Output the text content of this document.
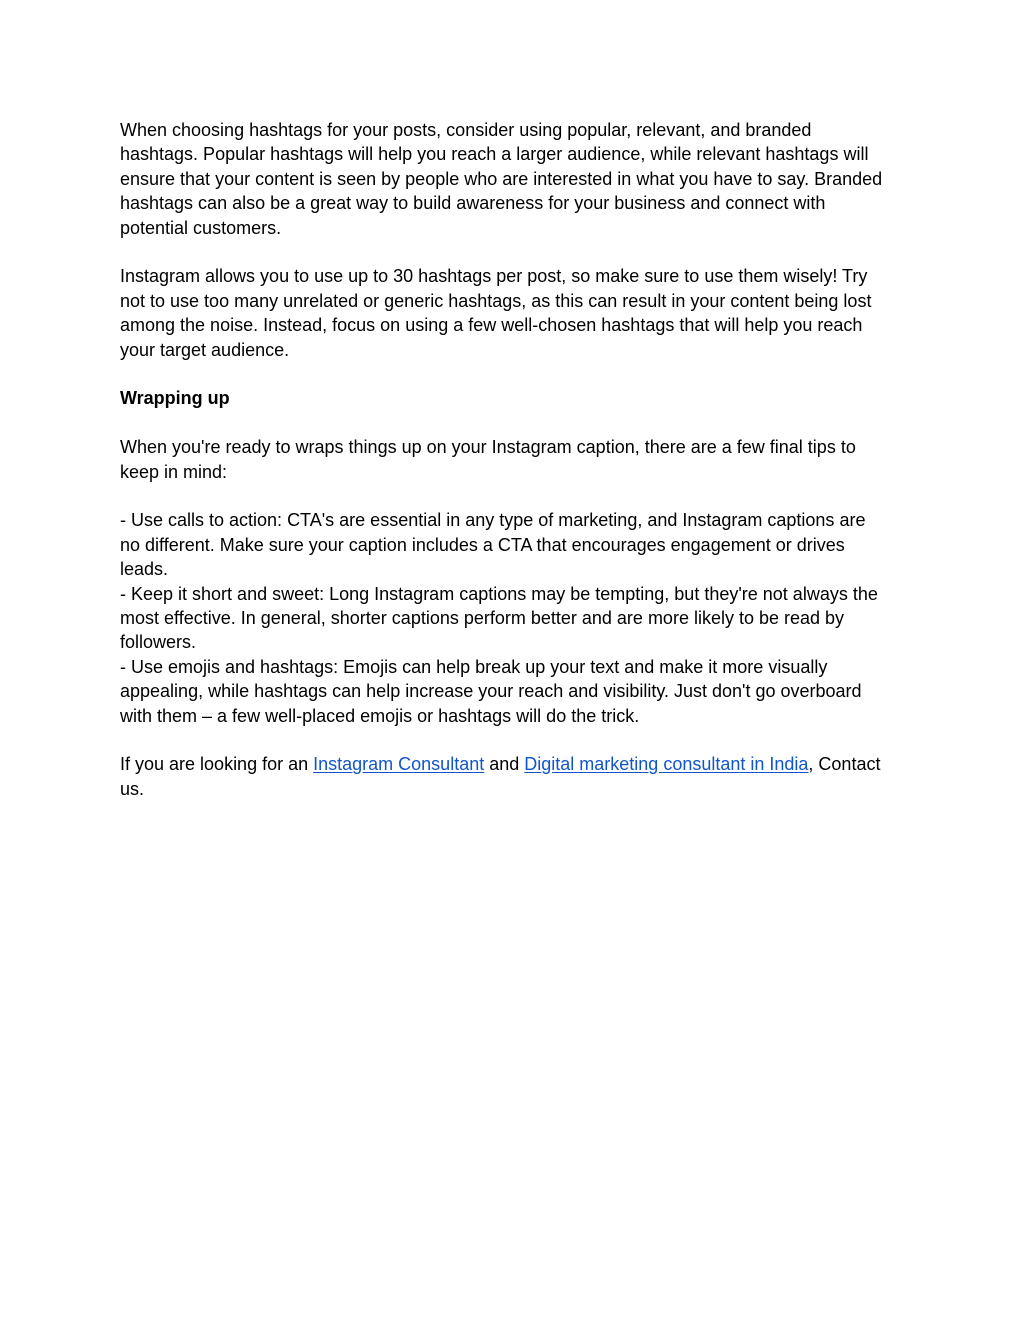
When choosing hashtags for your posts, consider using popular, relevant, and branded
hashtags. Popular hashtags will help you reach a larger audience, while relevant hashtags will
ensure that your content is seen by people who are interested in what you have to say. Branded
hashtags can also be a great way to build awareness for your business and connect with
potential customers.
Instagram allows you to use up to 30 hashtags per post, so make sure to use them wisely! Try
not to use too many unrelated or generic hashtags, as this can result in your content being lost
among the noise. Instead, focus on using a few well-chosen hashtags that will help you reach
your target audience.
Wrapping up
When you're ready to wraps things up on your Instagram caption, there are a few final tips to
keep in mind:
- Use calls to action: CTA's are essential in any type of marketing, and Instagram captions are
no different. Make sure your caption includes a CTA that encourages engagement or drives
leads.
- Keep it short and sweet: Long Instagram captions may be tempting, but they're not always the
most effective. In general, shorter captions perform better and are more likely to be read by
followers.
- Use emojis and hashtags: Emojis can help break up your text and make it more visually
appealing, while hashtags can help increase your reach and visibility. Just don't go overboard
with them – a few well-placed emojis or hashtags will do the trick.
If you are looking for an Instagram Consultant and Digital marketing consultant in India, Contact
us.
